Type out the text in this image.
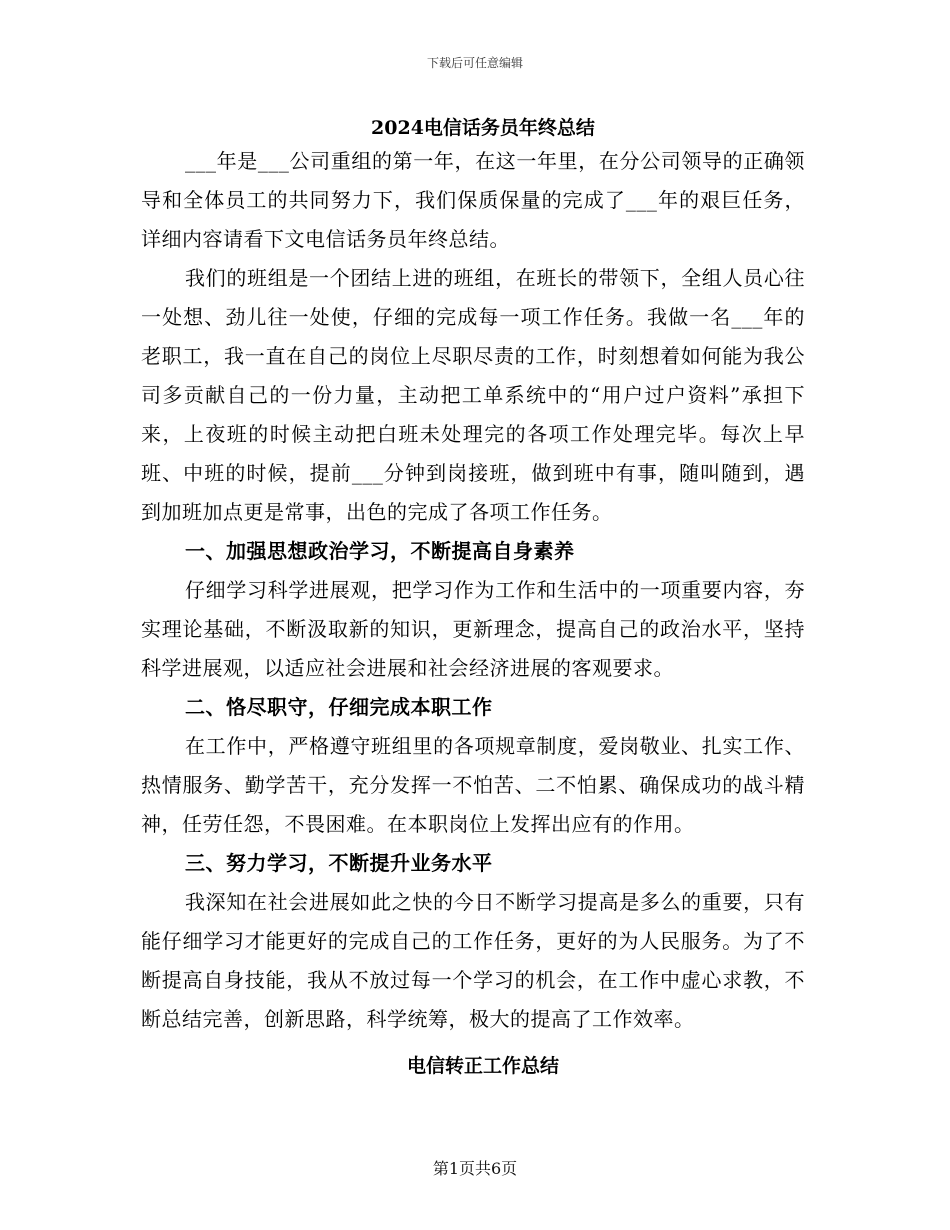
下载后可任意编辑
2024电信话务员年终总结

___年是___公司重组的第一年，在这一年里，在分公司领导的正确领导和全体员工的共同努力下，我们保质保量的完成了___年的艰巨任务，详细内容请看下文电信话务员年终总结。

我们的班组是一个团结上进的班组，在班长的带领下，全组人员心往一处想、劲儿往一处使，仔细的完成每一项工作任务。我做一名___年的老职工，我一直在自己的岗位上尽职尽责的工作，时刻想着如何能为我公司多贡献自己的一份力量，主动把工单系统中的“用户过户资料”承担下来，上夜班的时候主动把白班未处理完的各项工作处理完毕。每次上早班、中班的时候，提前___分钟到岗接班，做到班中有事，随叫随到，遇到加班加点更是常事，出色的完成了各项工作任务。

一、加强思想政治学习，不断提高自身素养

仔细学习科学进展观，把学习作为工作和生活中的一项重要内容，夯实理论基础，不断汲取新的知识，更新理念，提高自己的政治水平，坚持科学进展观，以适应社会进展和社会经济进展的客观要求。

二、恪尽职守，仔细完成本职工作

在工作中，严格遵守班组里的各项规章制度，爱岗敬业、扎实工作、热情服务、勤学苦干，充分发挥一不怕苦、二不怕累、确保成功的战斗精神，任劳任怨，不畏困难。在本职岗位上发挥出应有的作用。

三、努力学习，不断提升业务水平

我深知在社会进展如此之快的今日不断学习提高是多么的重要，只有能仔细学习才能更好的完成自己的工作任务，更好的为人民服务。为了不断提高自身技能，我从不放过每一个学习的机会，在工作中虚心求教，不断总结完善，创新思路，科学统筹，极大的提高了工作效率。

电信转正工作总结
第1页共6页
